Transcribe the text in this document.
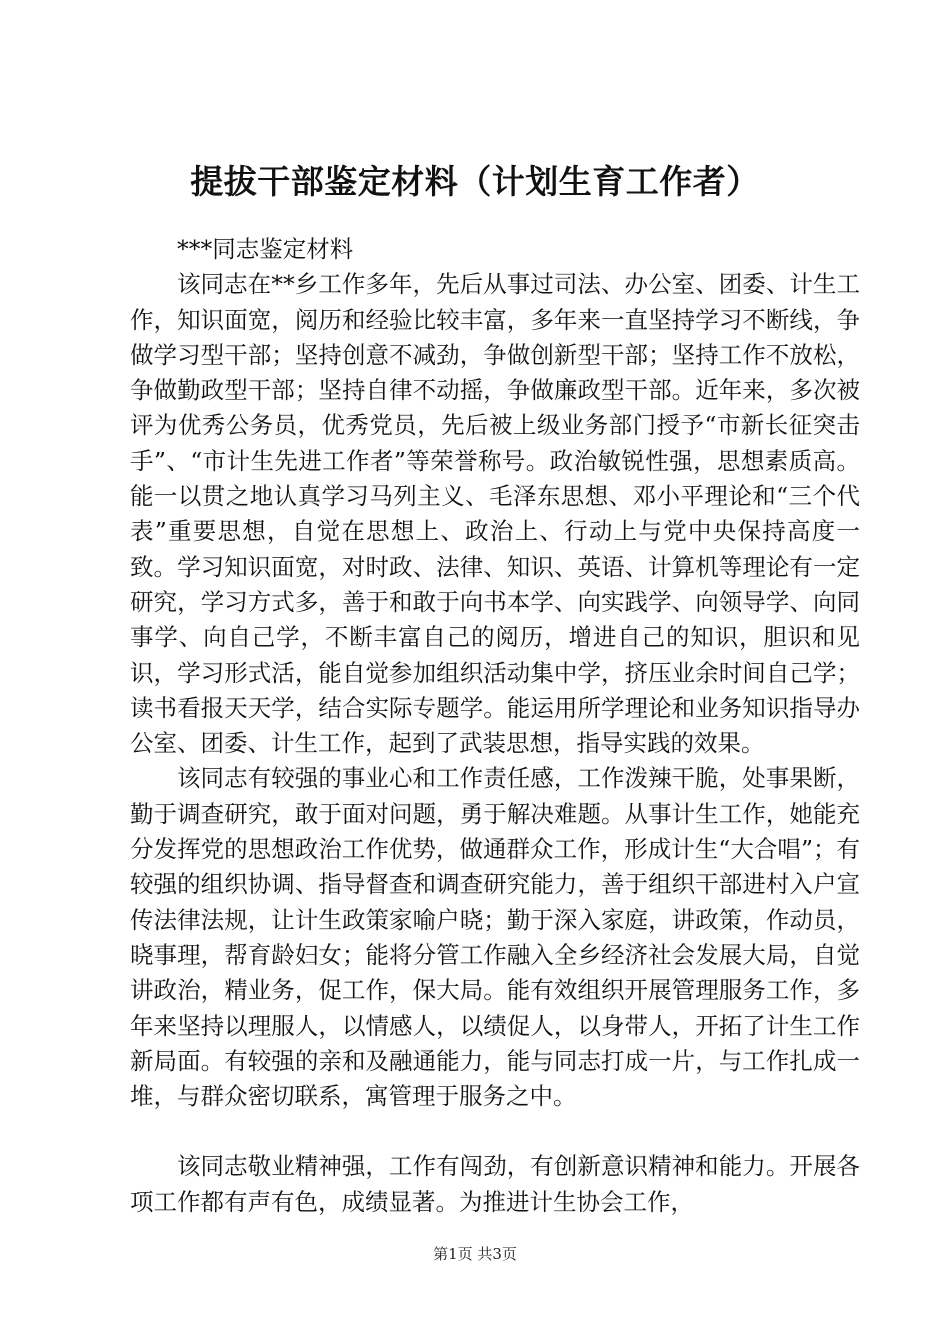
提拔干部鉴定材料（计划生育工作者）

***同志鉴定材料

该同志在**乡工作多年，先后从事过司法、办公室、团委、计生工作，知识面宽，阅历和经验比较丰富，多年来一直坚持学习不断线，争做学习型干部；坚持创意不减劲，争做创新型干部；坚持工作不放松，争做勤政型干部；坚持自律不动摇，争做廉政型干部。近年来，多次被评为优秀公务员，优秀党员，先后被上级业务部门授予“市新长征突击手”、“市计生先进工作者”等荣誉称号。政治敏锐性强，思想素质高。能一以贯之地认真学习马列主义、毛泽东思想、邓小平理论和“三个代表”重要思想，自觉在思想上、政治上、行动上与党中央保持高度一致。学习知识面宽，对时政、法律、知识、英语、计算机等理论有一定研究，学习方式多，善于和敢于向书本学、向实践学、向领导学、向同事学、向自己学，不断丰富自己的阅历，增进自己的知识，胆识和见识，学习形式活，能自觉参加组织活动集中学，挤压业余时间自己学；读书看报天天学，结合实际专题学。能运用所学理论和业务知识指导办公室、团委、计生工作，起到了武装思想，指导实践的效果。

该同志有较强的事业心和工作责任感，工作泼辣干脆，处事果断，勤于调查研究，敢于面对问题，勇于解决难题。从事计生工作，她能充分发挥党的思想政治工作优势，做通群众工作，形成计生“大合唱”；有较强的组织协调、指导督查和调查研究能力，善于组织干部进村入户宣传法律法规，让计生政策家喻户晓；勤于深入家庭，讲政策，作动员，晓事理，帮育龄妇女；能将分管工作融入全乡经济社会发展大局，自觉讲政治，精业务，促工作，保大局。能有效组织开展管理服务工作，多年来坚持以理服人，以情感人，以绩促人，以身带人，开拓了计生工作新局面。有较强的亲和及融通能力，能与同志打成一片，与工作扎成一堆，与群众密切联系，寓管理于服务之中。

该同志敬业精神强，工作有闯劲，有创新意识精神和能力。开展各项工作都有声有色，成绩显著。为推进计生协会工作，

第1页 共3页
